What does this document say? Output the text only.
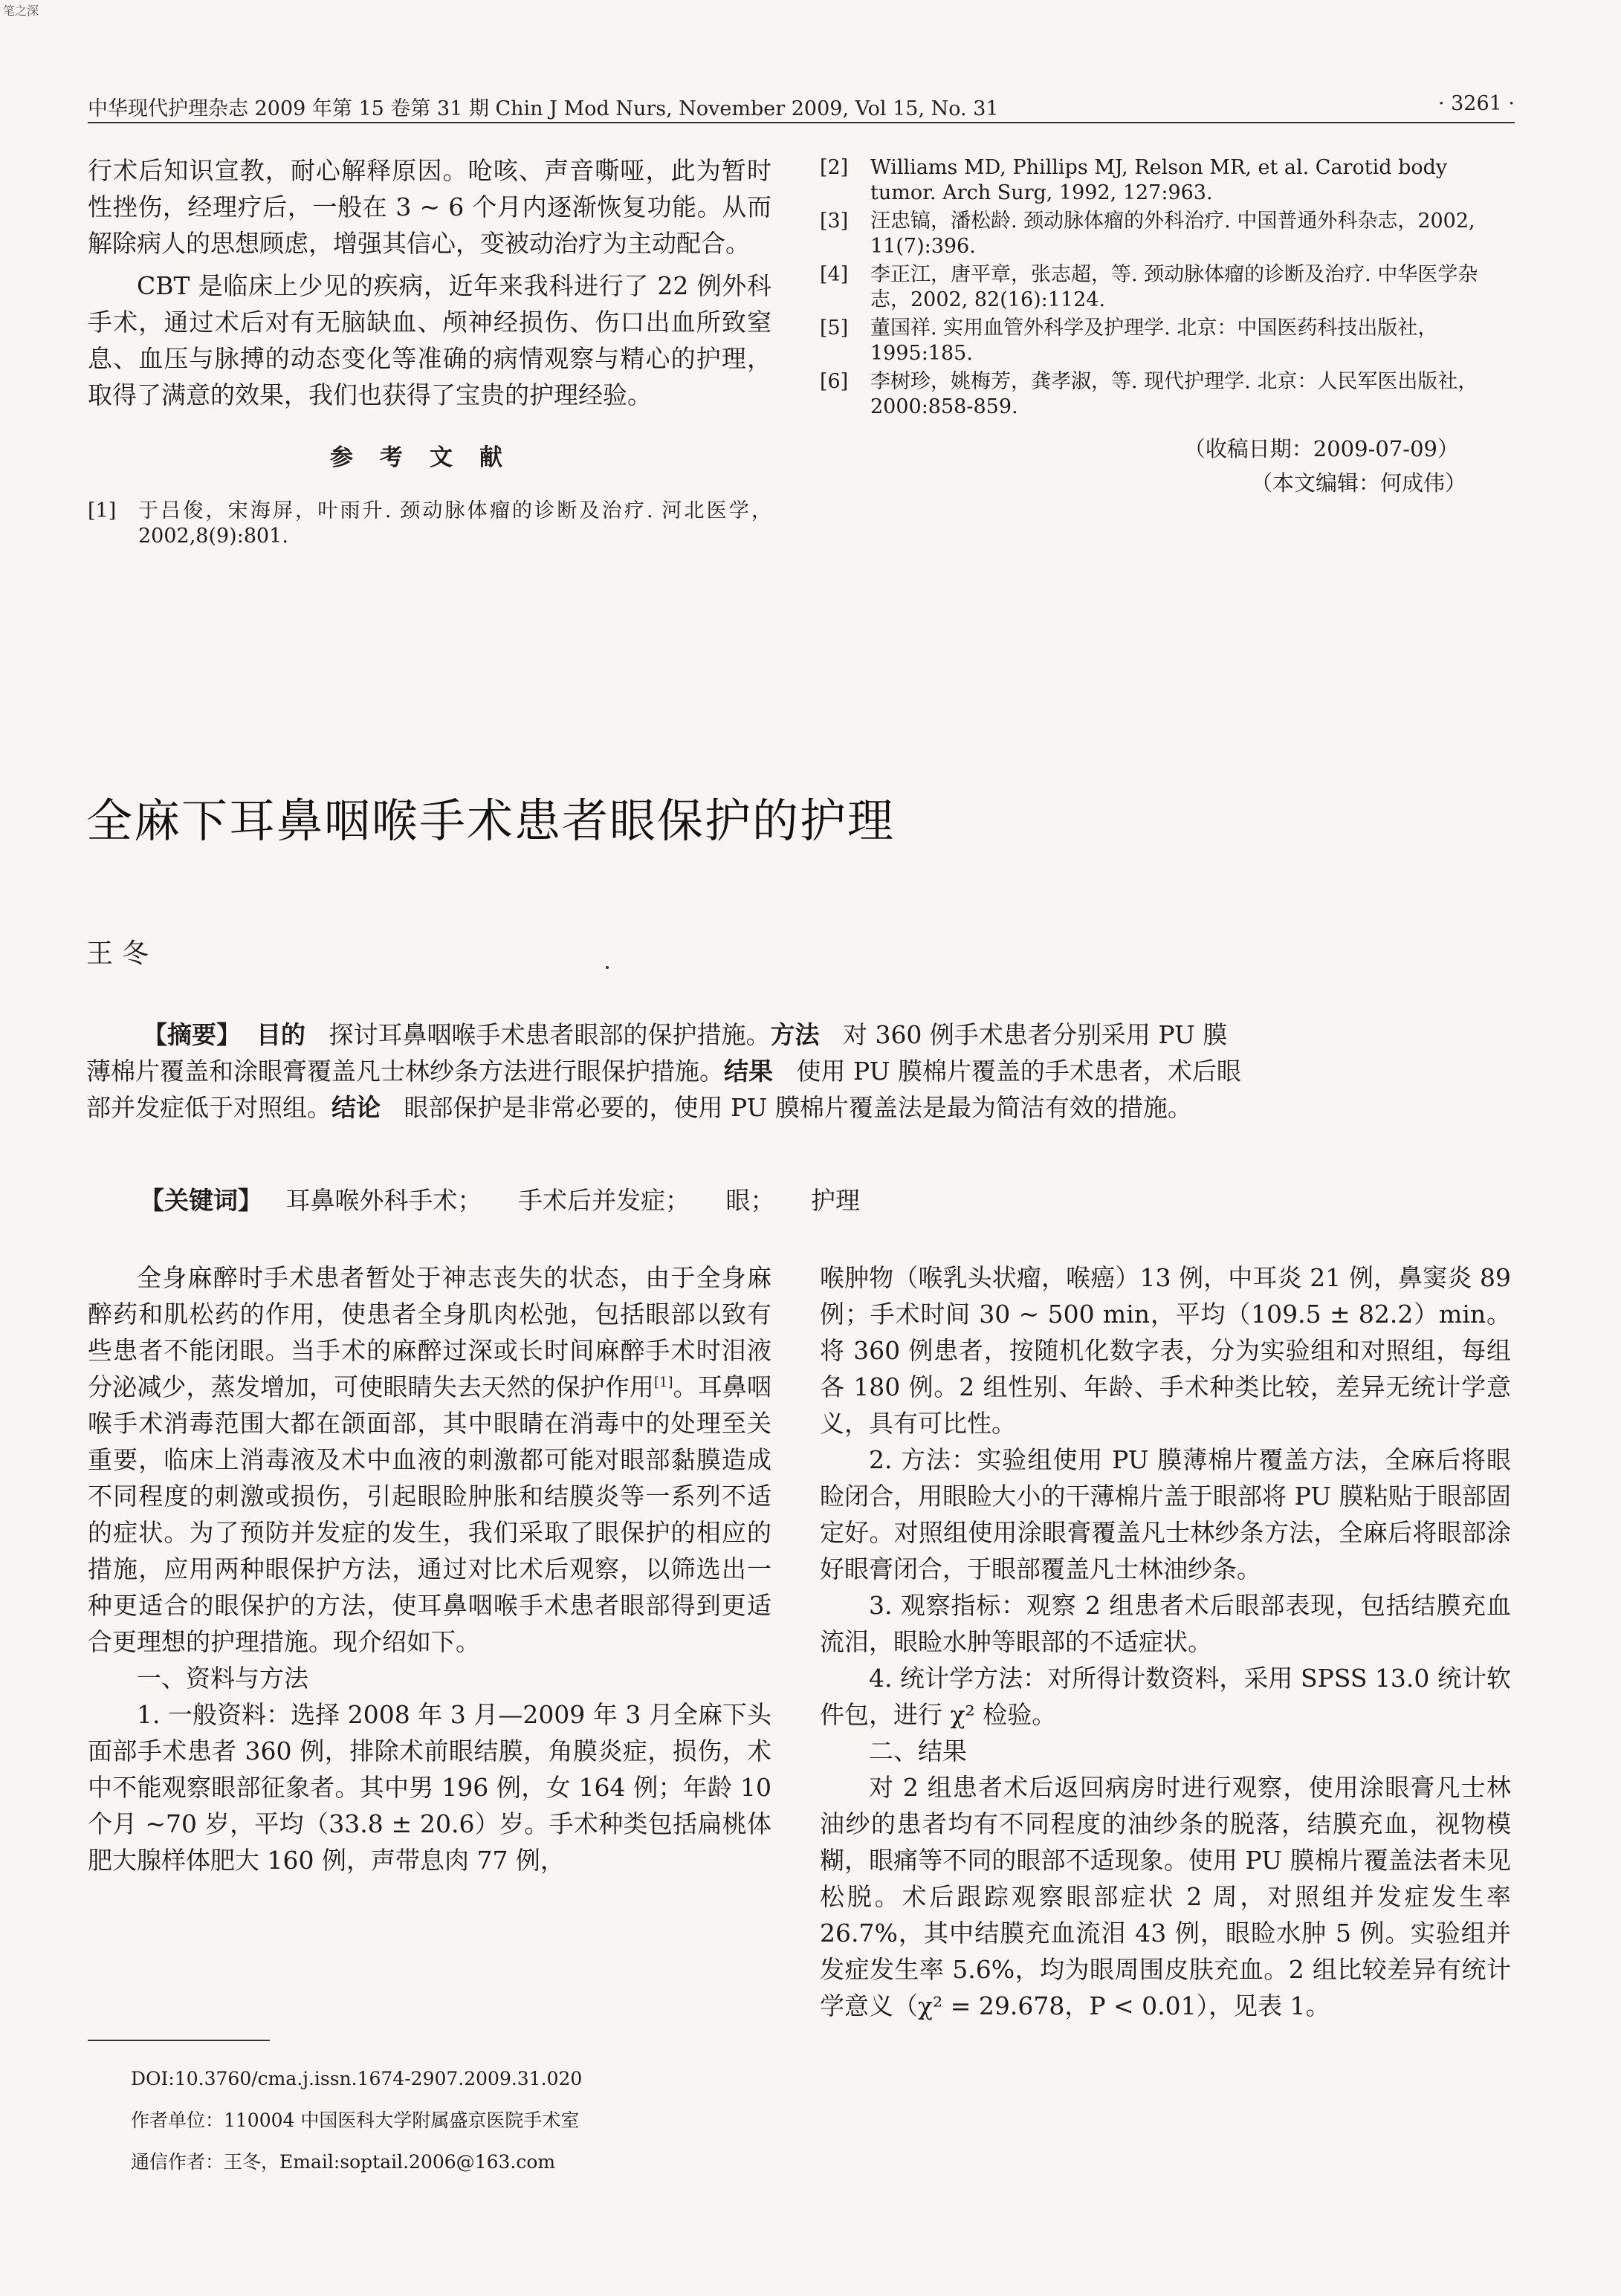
笔之深
中华现代护理杂志 2009 年第 15 卷第 31 期 Chin J Mod Nurs, November 2009, Vol 15, No. 31	· 3261 ·

行术后知识宣教，耐心解释原因。呛咳、声音嘶哑，此为暂时性挫伤，经理疗后，一般在 3 ~ 6 个月内逐渐恢复功能。从而解除病人的思想顾虑，增强其信心，变被动治疗为主动配合。

CBT 是临床上少见的疾病，近年来我科进行了 22 例外科手术，通过术后对有无脑缺血、颅神经损伤、伤口出血所致窒息、血压与脉搏的动态变化等准确的病情观察与精心的护理，取得了满意的效果，我们也获得了宝贵的护理经验。

参考文献
[1]	于吕俊，宋海屏，叶雨升. 颈动脉体瘤的诊断及治疗. 河北医学，2002,8(9):801.
[2]	Williams MD, Phillips MJ, Relson MR, et al. Carotid body tumor. Arch Surg, 1992, 127:963.
[3]	汪忠镐，潘松龄. 颈动脉体瘤的外科治疗. 中国普通外科杂志，2002, 11(7):396.
[4]	李正江，唐平章，张志超，等. 颈动脉体瘤的诊断及治疗. 中华医学杂志，2002, 82(16):1124.
[5]	董国祥. 实用血管外科学及护理学. 北京：中国医药科技出版社，1995:185.
[6]	李树珍，姚梅芳，龚孝淑，等. 现代护理学. 北京：人民军医出版社，2000:858-859.
（收稿日期：2009-07-09）
（本文编辑：何成伟）
全麻下耳鼻咽喉手术患者眼保护的护理
王冬
【摘要】 目的 探讨耳鼻咽喉手术患者眼部的保护措施。方法 对 360 例手术患者分别采用 PU 膜薄棉片覆盖和涂眼膏覆盖凡士林纱条方法进行眼保护措施。结果 使用 PU 膜棉片覆盖的手术患者，术后眼部并发症低于对照组。结论 眼部保护是非常必要的，使用 PU 膜棉片覆盖法是最为简洁有效的措施。
【关键词】 耳鼻喉外科手术； 手术后并发症； 眼； 护理

全身麻醉时手术患者暂处于神志丧失的状态，由于全身麻醉药和肌松药的作用，使患者全身肌肉松弛，包括眼部以致有些患者不能闭眼。当手术的麻醉过深或长时间麻醉手术时泪液分泌减少，蒸发增加，可使眼睛失去天然的保护作用[1]。耳鼻咽喉手术消毒范围大都在颌面部，其中眼睛在消毒中的处理至关重要，临床上消毒液及术中血液的刺激都可能对眼部黏膜造成不同程度的刺激或损伤，引起眼睑肿胀和结膜炎等一系列不适的症状。为了预防并发症的发生，我们采取了眼保护的相应的措施，应用两种眼保护方法，通过对比术后观察，以筛选出一种更适合的眼保护的方法，使耳鼻咽喉手术患者眼部得到更适合更理想的护理措施。现介绍如下。

一、资料与方法

1. 一般资料：选择 2008 年 3 月—2009 年 3 月全麻下头面部手术患者 360 例，排除术前眼结膜，角膜炎症，损伤，术中不能观察眼部征象者。其中男 196 例，女 164 例；年龄 10 个月 ~70 岁，平均（33.8 ± 20.6）岁。手术种类包括扁桃体肥大腺样体肥大 160 例，声带息肉 77 例，

喉肿物（喉乳头状瘤，喉癌）13 例，中耳炎 21 例，鼻窦炎 89 例；手术时间 30 ~ 500 min，平均（109.5 ± 82.2）min。将 360 例患者，按随机化数字表，分为实验组和对照组，每组各 180 例。2 组性别、年龄、手术种类比较，差异无统计学意义，具有可比性。

2. 方法：实验组使用 PU 膜薄棉片覆盖方法，全麻后将眼睑闭合，用眼睑大小的干薄棉片盖于眼部将 PU 膜粘贴于眼部固定好。对照组使用涂眼膏覆盖凡士林纱条方法，全麻后将眼部涂好眼膏闭合，于眼部覆盖凡士林油纱条。

3. 观察指标：观察 2 组患者术后眼部表现，包括结膜充血流泪，眼睑水肿等眼部的不适症状。

4. 统计学方法：对所得计数资料，采用 SPSS 13.0 统计软件包，进行 χ² 检验。

二、结果

对 2 组患者术后返回病房时进行观察，使用涂眼膏凡士林油纱的患者均有不同程度的油纱条的脱落，结膜充血，视物模糊，眼痛等不同的眼部不适现象。使用 PU 膜棉片覆盖法者未见松脱。术后跟踪观察眼部症状 2 周，对照组并发症发生率 26.7%，其中结膜充血流泪 43 例，眼睑水肿 5 例。实验组并发症发生率 5.6%，均为眼周围皮肤充血。2 组比较差异有统计学意义（χ² = 29.678，P < 0.01），见表 1。

DOI:10.3760/cma.j.issn.1674-2907.2009.31.020
作者单位：110004 中国医科大学附属盛京医院手术室
通信作者：王冬，Email:soptail.2006@163.com
